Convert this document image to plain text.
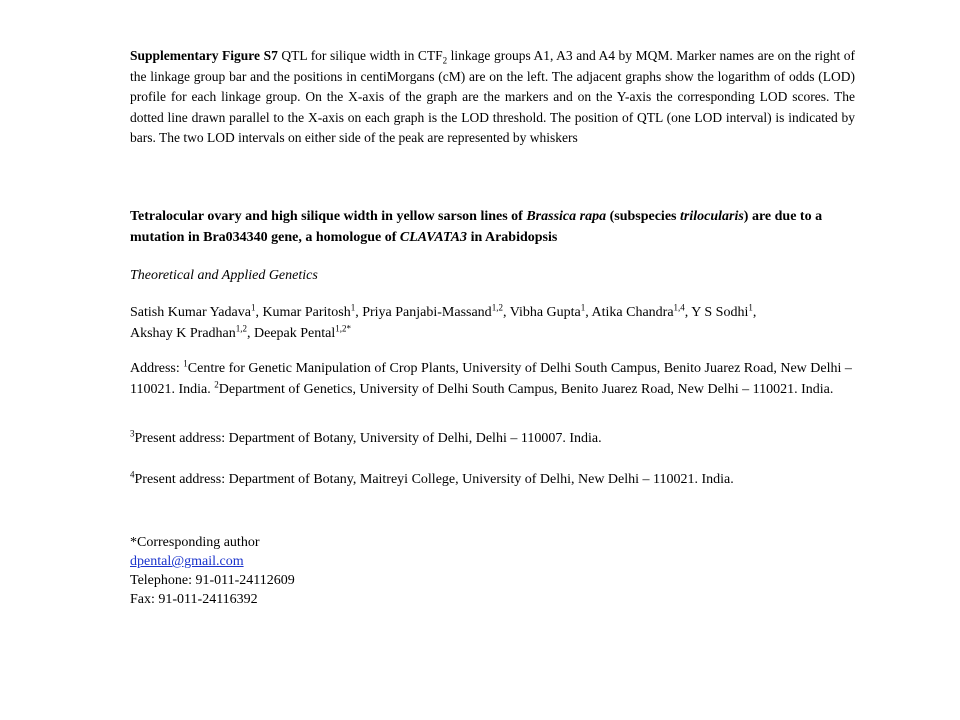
Supplementary Figure S7 QTL for silique width in $CTF_2$ linkage groups A1, A3 and A4 by MQM. Marker names are on the right of the linkage group bar and the positions in centiMorgans (cM) are on the left. The adjacent graphs show the logarithm of odds (LOD) profile for each linkage group. On the X-axis of the graph are the markers and on the Y-axis the corresponding LOD scores. The dotted line drawn parallel to the X-axis on each graph is the LOD threshold. The position of QTL (one LOD interval) is indicated by bars. The two LOD intervals on either side of the peak are represented by whiskers

Tetralocular ovary and high silique width in yellow sarson lines of Brassica rapa (subspecies trilocularis) are due to a mutation in Bra034340 gene, a homologue of CLAVATA3 in Arabidopsis

Theoretical and Applied Genetics

Satish Kumar Yadava$^1$, Kumar Paritosh$^1$, Priya Panjabi-Massand$^{1,2}$, Vibha Gupta$^1$, Atika Chandra$^{1,4}$, Y S Sodhi$^1$,
Akshay K Pradhan$^{1,2}$, Deepak Pental$^{1,2*}$

Address: $^1$Centre for Genetic Manipulation of Crop Plants, University of Delhi South Campus, Benito Juarez Road, New Delhi – 110021. India. $^2$Department of Genetics, University of Delhi South Campus, Benito Juarez Road, New Delhi – 110021. India.

$^3$Present address: Department of Botany, University of Delhi, Delhi – 110007. India.

$^4$Present address: Department of Botany, Maitreyi College, University of Delhi, New Delhi – 110021. India.

*Corresponding author
dpental@gmail.com
Telephone: 91-011-24112609
Fax: 91-011-24116392
